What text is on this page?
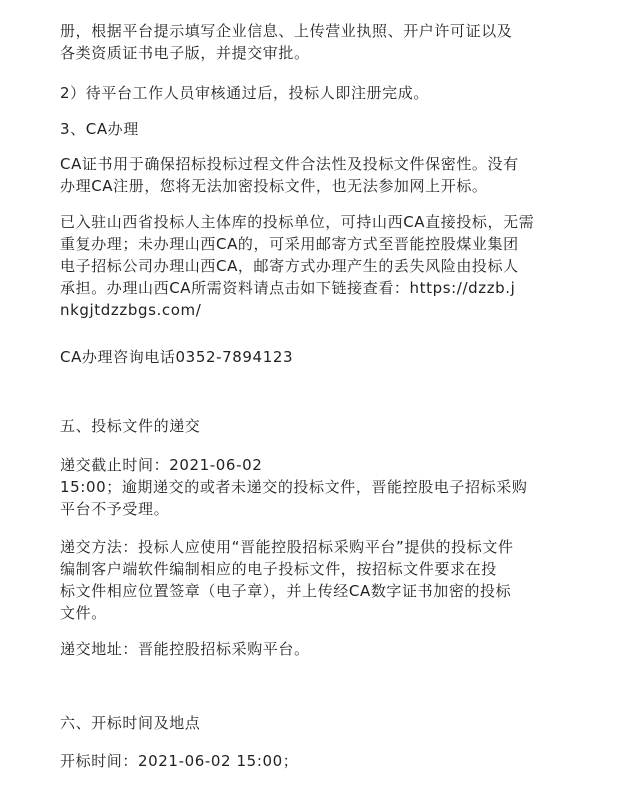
册，根据平台提示填写企业信息、上传营业执照、开户许可证以及
各类资质证书电子版，并提交审批。

2）待平台工作人员审核通过后，投标人即注册完成。

3、CA办理

CA证书用于确保招标投标过程文件合法性及投标文件保密性。没有
办理CA注册，您将无法加密投标文件，也无法参加网上开标。

已入驻山西省投标人主体库的投标单位，可持山西CA直接投标，无需
重复办理；未办理山西CA的，可采用邮寄方式至晋能控股煤业集团
电子招标公司办理山西CA，邮寄方式办理产生的丢失风险由投标人
承担。办理山西CA所需资料请点击如下链接查看：https://dzzb.j
nkgjtdzzbgs.com/

CA办理咨询电话0352-7894123

五、投标文件的递交

递交截止时间：2021-06-02
15:00；逾期递交的或者未递交的投标文件，晋能控股电子招标采购
平台不予受理。

递交方法：投标人应使用“晋能控股招标采购平台”提供的投标文件
编制客户端软件编制相应的电子投标文件，按招标文件要求在投
标文件相应位置签章（电子章），并上传经CA数字证书加密的投标
文件。

递交地址：晋能控股招标采购平台。

六、开标时间及地点

开标时间：2021-06-02 15:00；
